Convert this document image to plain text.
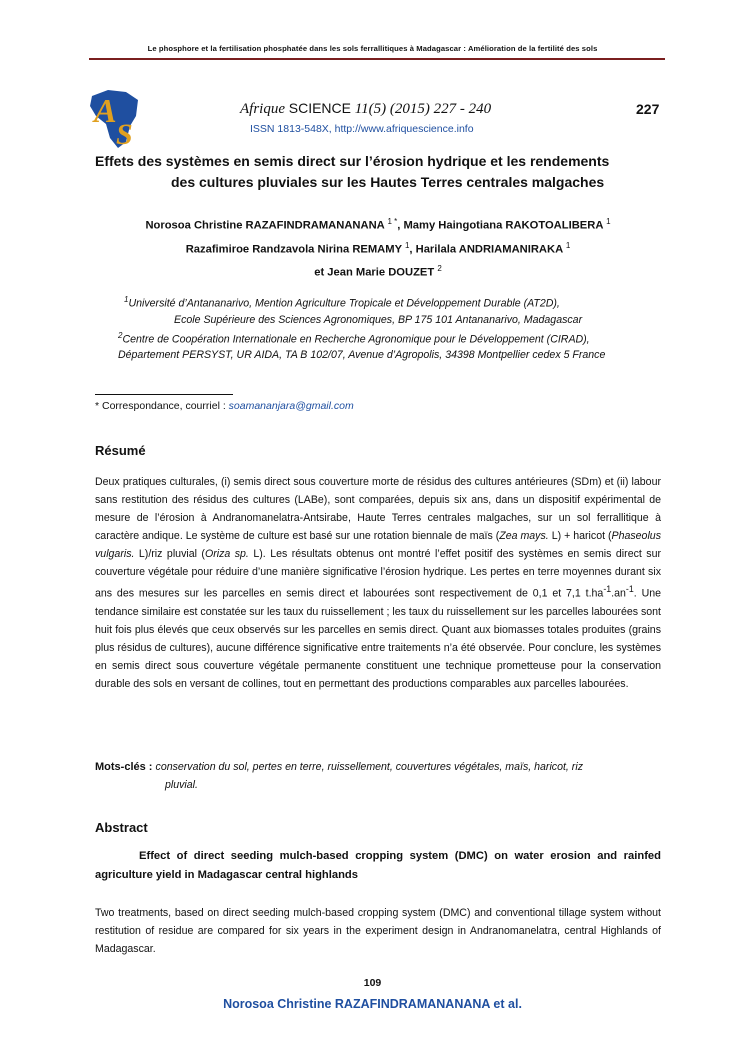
Le phosphore et la fertilisation phosphatée dans les sols ferrallitiques à Madagascar : Amélioration de la fertilité des sols
A
S
Afrique SCIENCE 11(5) (2015) 227 - 240	227
ISSN 1813-548X, http://www.afriquescience.info
Effets des systèmes en semis direct sur l’érosion hydrique et les rendements
des cultures pluviales sur les Hautes Terres centrales malgaches
Norosoa Christine RAZAFINDRAMANANANA $^{1 *}$, Mamy Haingotiana RAKOTOALIBERA $^1$
Razafimiroe Randzavola Nirina REMAMY $^1$, Harilala ANDRIAMANIRAKA $^1$
et Jean Marie DOUZET $^2$
$^1$Université d’Antananarivo, Mention Agriculture Tropicale et Développement Durable (AT2D),
Ecole Supérieure des Sciences Agronomiques, BP 175 101 Antananarivo, Madagascar
$^2$Centre de Coopération Internationale en Recherche Agronomique pour le Développement (CIRAD),
Département PERSYST, UR AIDA, TA B 102/07, Avenue d’Agropolis, 34398 Montpellier cedex 5 France
* Correspondance, courriel : soamananjara@gmail.com
Résumé
Deux pratiques culturales, (i) semis direct sous couverture morte de résidus des cultures antérieures (SDm) et (ii) labour sans restitution des résidus des cultures (LABe), sont comparées, depuis six ans, dans un dispositif expérimental de mesure de l’érosion à Andranomanelatra-Antsirabe, Haute Terres centrales malgaches, sur un sol ferrallitique à caractère andique. Le système de culture est basé sur une rotation biennale de maïs (Zea mays. L) + haricot (Phaseolus vulgaris. L)/riz pluvial (Oriza sp. L). Les résultats obtenus ont montré l’effet positif des systèmes en semis direct sur couverture végétale pour réduire d’une manière significative l’érosion hydrique. Les pertes en terre moyennes durant six ans des mesures sur les parcelles en semis direct et labourées sont respectivement de 0,1 et 7,1 $t.ha^{-1}.an^{-1}$. Une tendance similaire est constatée sur les taux du ruissellement ; les taux du ruissellement sur les parcelles labourées sont huit fois plus élevés que ceux observés sur les parcelles en semis direct. Quant aux biomasses totales produites (grains plus résidus de cultures), aucune différence significative entre traitements n’a été observée. Pour conclure, les systèmes en semis direct sous couverture végétale permanente constituent une technique prometteuse pour la conservation durable des sols en versant de collines, tout en permettant des productions comparables aux parcelles labourées.
Mots-clés : conservation du sol, pertes en terre, ruissellement, couvertures végétales, maïs, haricot, riz
pluvial.
Abstract
Effect of direct seeding mulch-based cropping system (DMC) on water erosion and rainfed agriculture yield in Madagascar central highlands
Two treatments, based on direct seeding mulch-based cropping system (DMC) and conventional tillage system without restitution of residue are compared for six years in the experiment design in Andranomanelatra, central Highlands of Madagascar.
109
Norosoa Christine RAZAFINDRAMANANANA et al.
